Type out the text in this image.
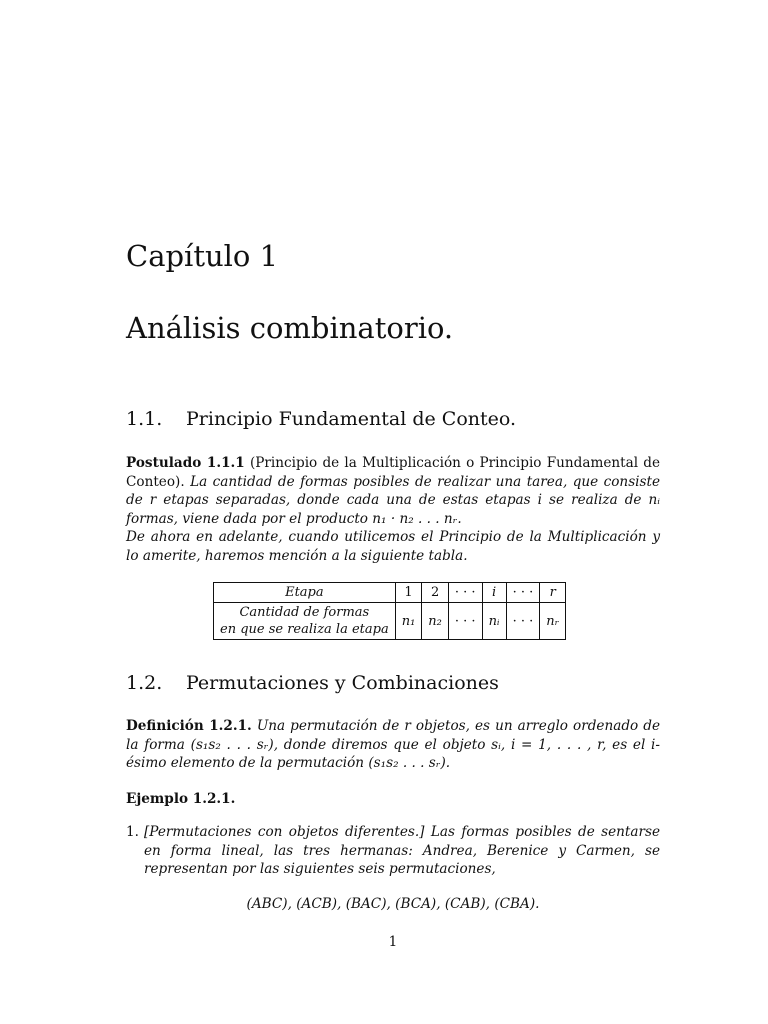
Capítulo 1
Análisis combinatorio.
1.1. Principio Fundamental de Conteo.

Postulado 1.1.1 (Principio de la Multiplicación o Principio Fundamental de Conteo). La cantidad de formas posibles de realizar una tarea, que consiste de r etapas separadas, donde cada una de estas etapas i se realiza de nᵢ formas, viene dada por el producto n₁ · n₂ . . . nᵣ.

De ahora en adelante, cuando utilicemos el Principio de la Multiplicación y lo amerite, haremos mención a la siguiente tabla.

Etapa	1	2	· · ·	i	· · ·	r
Cantidad de formas
en que se realiza la etapa	n₁	n₂	· · ·	nᵢ	· · ·	nᵣ
1.2. Permutaciones y Combinaciones

Definición 1.2.1. Una permutación de r objetos, es un arreglo ordenado de la forma (s₁s₂ . . . sᵣ), donde diremos que el objeto sᵢ, i = 1, . . . , r, es el i-ésimo elemento de la permutación (s₁s₂ . . . sᵣ).

Ejemplo 1.2.1.

1. [Permutaciones con objetos diferentes.] Las formas posibles de sentarse en forma lineal, las tres hermanas: Andrea, Berenice y Carmen, se representan por las siguientes seis permutaciones,

(ABC), (ACB), (BAC), (BCA), (CAB), (CBA).
1
